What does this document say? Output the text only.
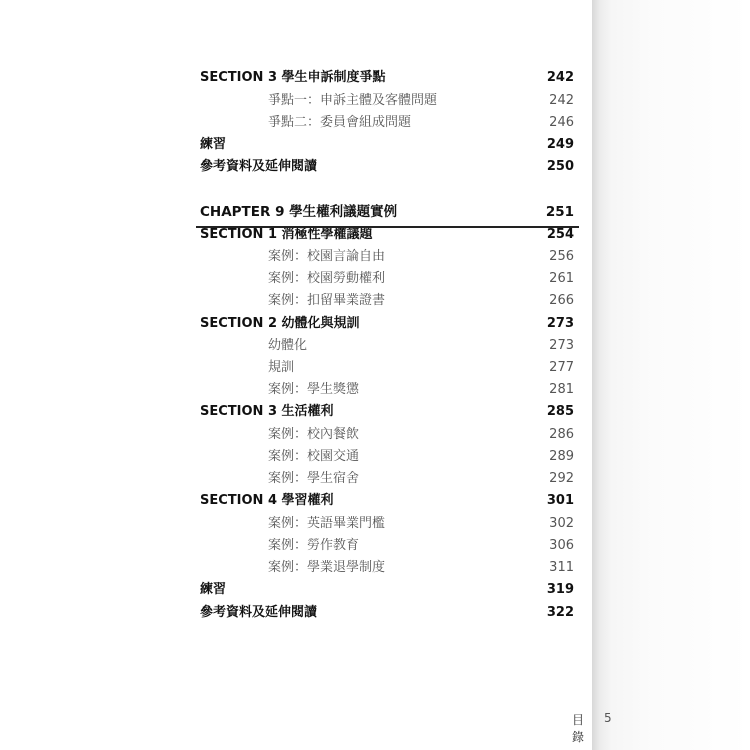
SECTION 3 學生申訴制度爭點	242
爭點一：申訴主體及客體問題	242
爭點二：委員會組成問題	246
練習	249
參考資料及延伸閱讀	250
CHAPTER 9 學生權利議題實例	251
SECTION 1 消極性學權議題	254
案例：校園言論自由	256
案例：校園勞動權利	261
案例：扣留畢業證書	266
SECTION 2 幼體化與規訓	273
幼體化	273
規訓	277
案例：學生獎懲	281
SECTION 3 生活權利	285
案例：校內餐飲	286
案例：校園交通	289
案例：學生宿舍	292
SECTION 4 學習權利	301
案例：英語畢業門檻	302
案例：勞作教育	306
案例：學業退學制度	311
練習	319
參考資料及延伸閱讀	322
目錄
5
